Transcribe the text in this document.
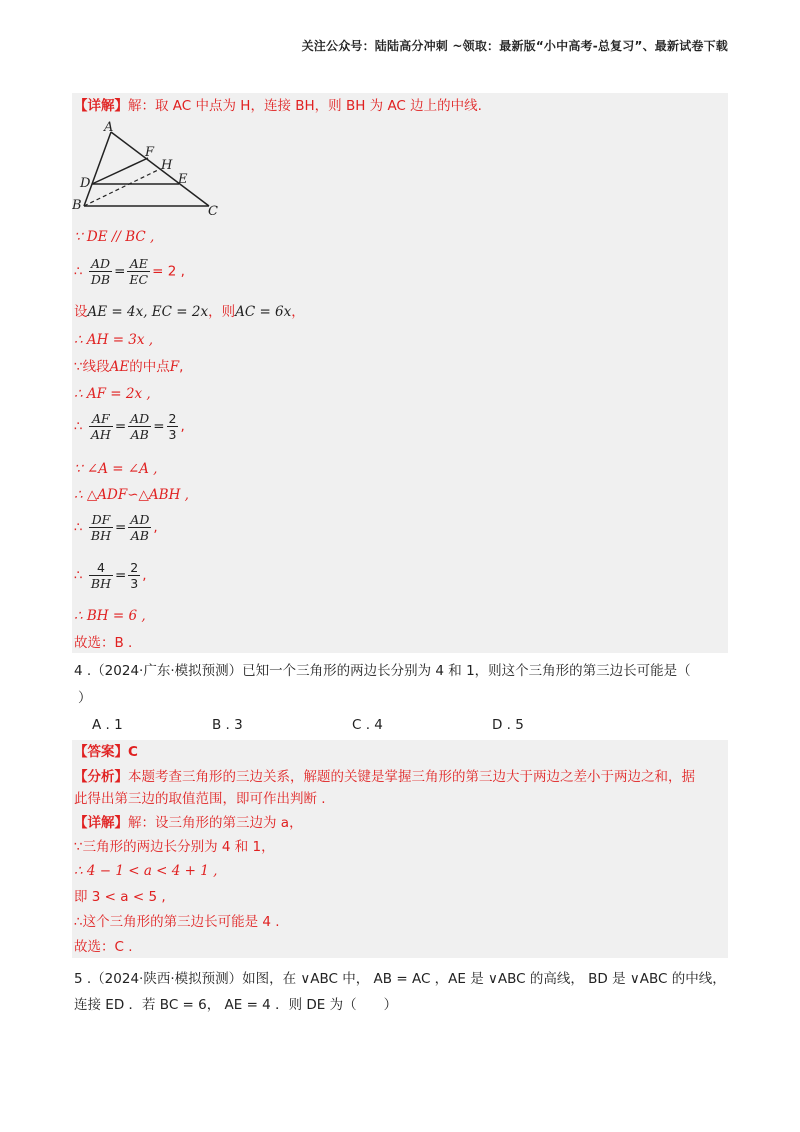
关注公众号：陆陆高分冲刺 ~领取：最新版“小中高考-总复习”、最新试卷下载
【详解】解：取 AC 中点为 H，连接 BH，则 BH 为 AC 边上的中线.
A
F
H
D	E
B	C
∵ DE // BC ,
∴ $\frac{AD}{DB} = \frac{AE}{EC} = 2$ ,
设AE = 4x, EC = 2x，则AC = 6x，
∴ AH = 3x ,
∵线段AE的中点F,
∴ AF = 2x ,
∴ $\frac{AF}{AH} = \frac{AD}{AB} = \frac{2}{3}$ ,
∵ ∠A = ∠A ,
∴ △ADF∽△ABH ,
∴ $\frac{DF}{BH} = \frac{AD}{AB}$ ,
∴ $\frac{4}{BH} = \frac{2}{3}$ ,
∴ BH = 6 ,
故选：B .
4 .（2024·广东·模拟预测）已知一个三角形的两边长分别为 4 和 1，则这个三角形的第三边长可能是（
）
A . 1	B . 3	C . 4	D . 5
【答案】C
【分析】本题考查三角形的三边关系，解题的关键是掌握三角形的第三边大于两边之差小于两边之和，据
此得出第三边的取值范围，即可作出判断 .
【详解】解：设三角形的第三边为 a，
∵三角形的两边长分别为 4 和 1，
∴ 4 − 1 < a < 4 + 1 ,
即 3 < a < 5 ,
∴这个三角形的第三边长可能是 4 .
故选：C .
5 .（2024·陕西·模拟预测）如图，在 ∨ABC 中， AB = AC ，AE 是 ∨ABC 的高线， BD 是 ∨ABC 的中线，
连接 ED ．若 BC = 6， AE = 4 ．则 DE 为（　　）
